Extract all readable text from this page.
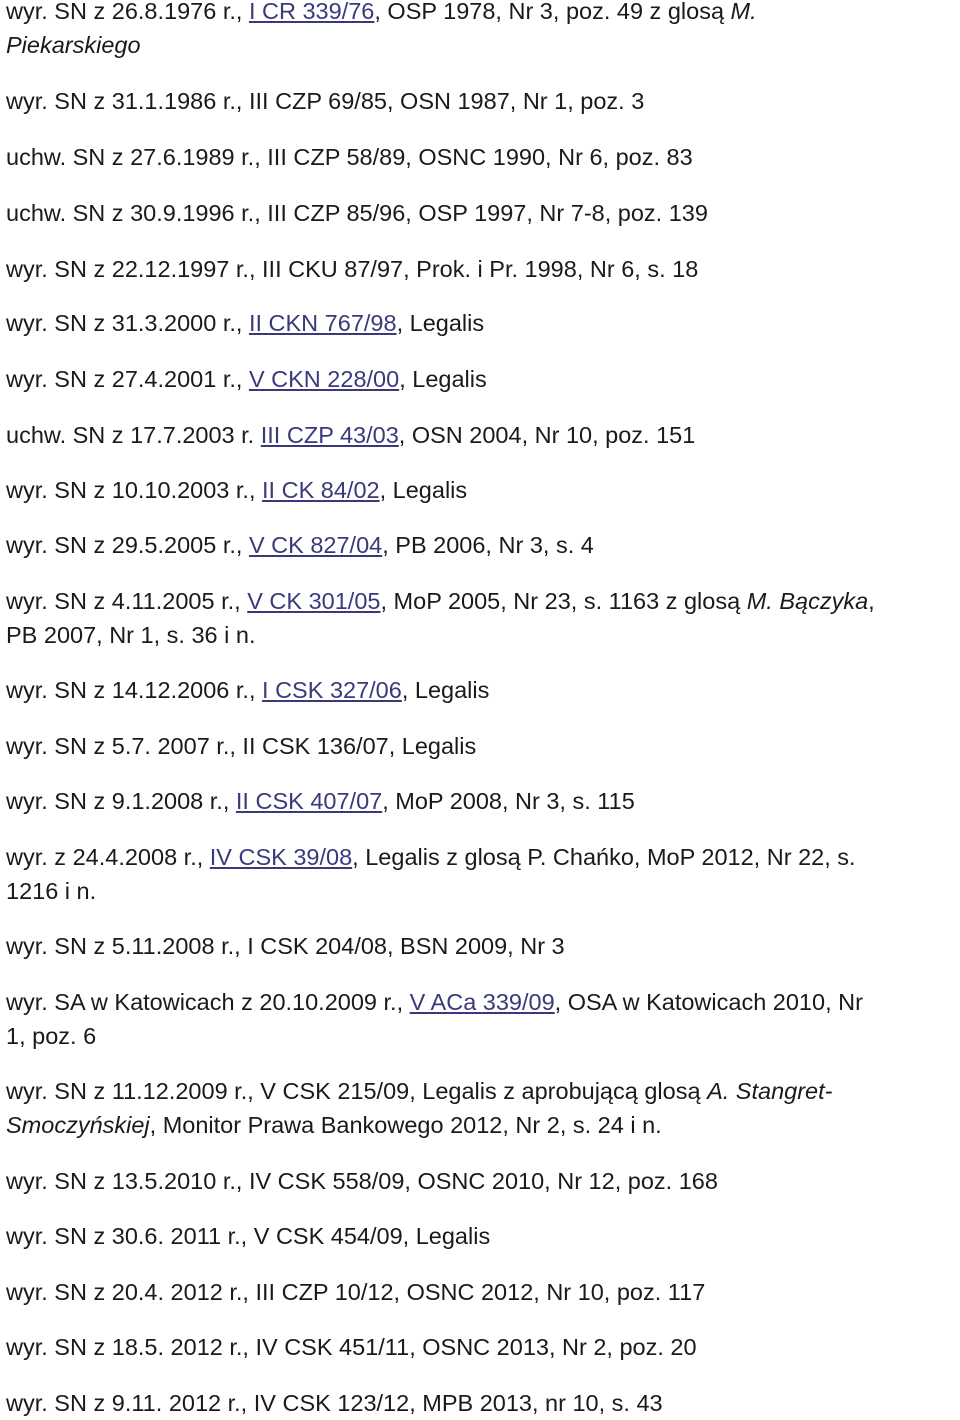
wyr. SN z 26.8.1976 r., I CR 339/76, OSP 1978, Nr 3, poz. 49 z glosą M.
Piekarskiego
wyr. SN z 31.1.1986 r., III CZP 69/85, OSN 1987, Nr 1, poz. 3
uchw. SN z 27.6.1989 r., III CZP 58/89, OSNC 1990, Nr 6, poz. 83
uchw. SN z 30.9.1996 r., III CZP 85/96, OSP 1997, Nr 7-8, poz. 139
wyr. SN z 22.12.1997 r., III CKU 87/97, Prok. i Pr. 1998, Nr 6, s. 18
wyr. SN z 31.3.2000 r., II CKN 767/98, Legalis
wyr. SN z 27.4.2001 r., V CKN 228/00, Legalis
uchw. SN z 17.7.2003 r. III CZP 43/03, OSN 2004, Nr 10, poz. 151
wyr. SN z 10.10.2003 r., II CK 84/02, Legalis
wyr. SN z 29.5.2005 r., V CK 827/04, PB 2006, Nr 3, s. 4
wyr. SN z 4.11.2005 r., V CK 301/05, MoP 2005, Nr 23, s. 1163 z glosą M. Bączyka,
PB 2007, Nr 1, s. 36 i n.
wyr. SN z 14.12.2006 r., I CSK 327/06, Legalis
wyr. SN z 5.7. 2007 r., II CSK 136/07, Legalis
wyr. SN z 9.1.2008 r., II CSK 407/07, MoP 2008, Nr 3, s. 115
wyr. z 24.4.2008 r., IV CSK 39/08, Legalis z glosą P. Chańko, MoP 2012, Nr 22, s.
1216 i n.
wyr. SN z 5.11.2008 r., I CSK 204/08, BSN 2009, Nr 3
wyr. SA w Katowicach z 20.10.2009 r., V ACa 339/09, OSA w Katowicach 2010, Nr
1, poz. 6
wyr. SN z 11.12.2009 r., V CSK 215/09, Legalis z aprobującą glosą A. Stangret- Smoczyńskiej, Monitor Prawa Bankowego 2012, Nr 2, s. 24 i n.
wyr. SN z 13.5.2010 r., IV CSK 558/09, OSNC 2010, Nr 12, poz. 168
wyr. SN z 30.6. 2011 r., V CSK 454/09, Legalis
wyr. SN z 20.4. 2012 r., III CZP 10/12, OSNC 2012, Nr 10, poz. 117
wyr. SN z 18.5. 2012 r., IV CSK 451/11, OSNC 2013, Nr 2, poz. 20
wyr. SN z 9.11. 2012 r., IV CSK 123/12, MPB 2013, nr 10, s. 43
